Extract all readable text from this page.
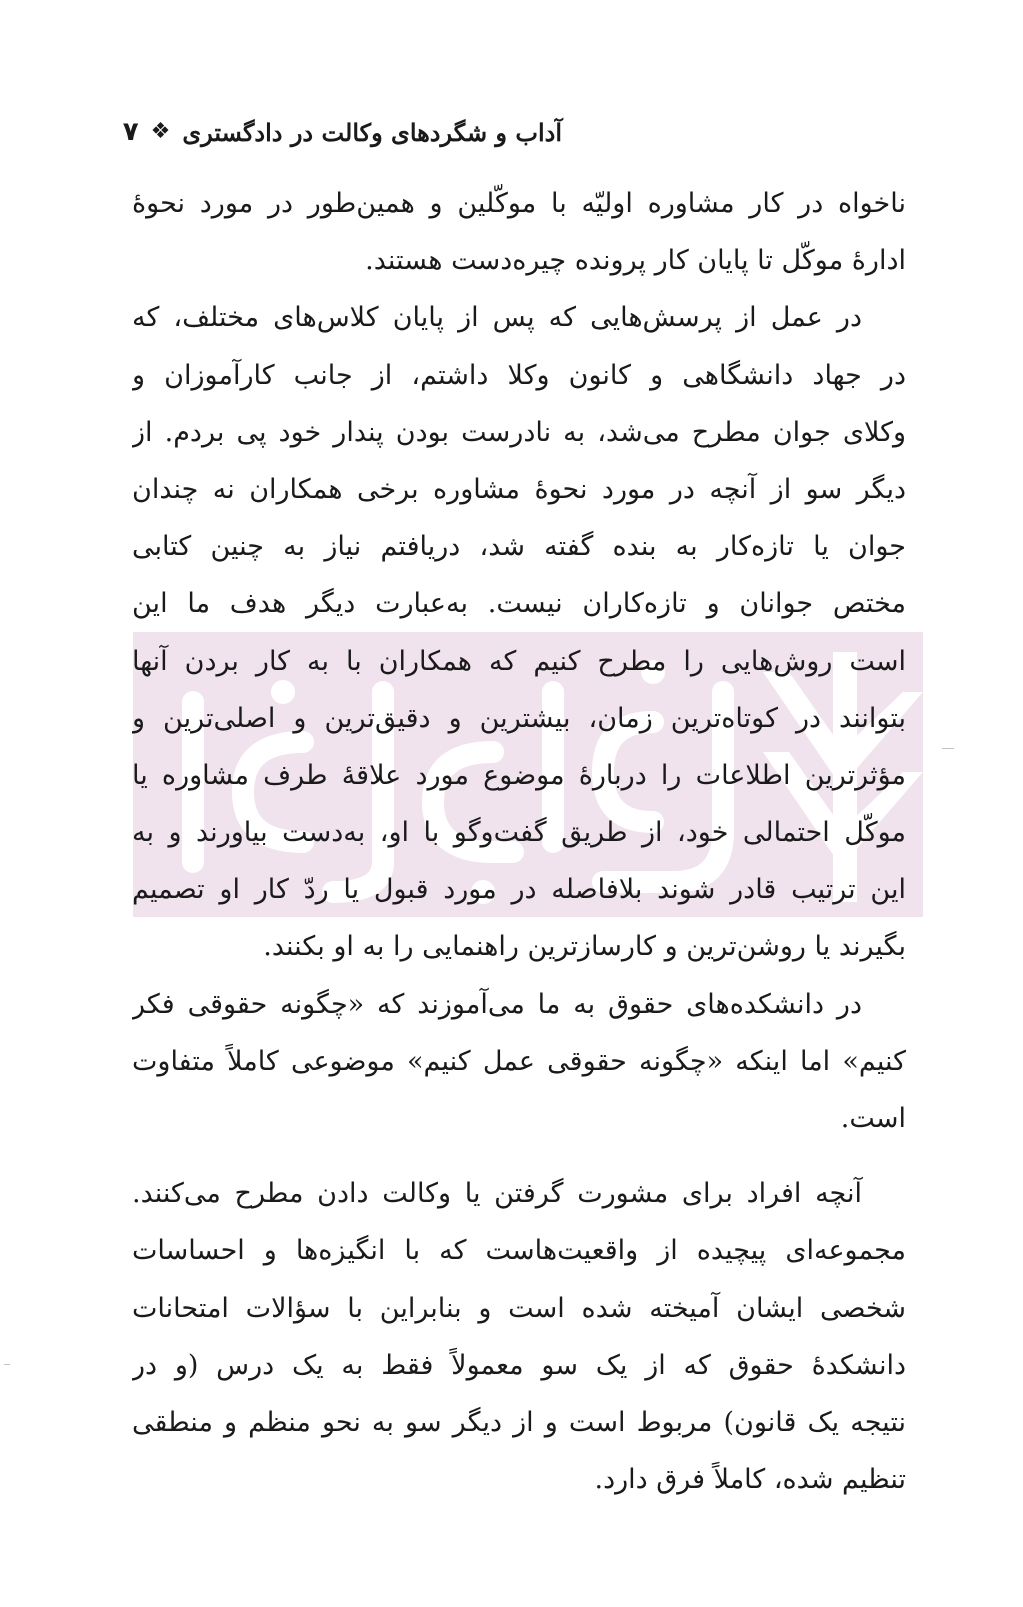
آداب و شگردهای وکالت در دادگستری
❖
۷
ناخواه در کار مشاوره اولیّه با موکّلین و همین‌طور در مورد نحوهٔ
ادارهٔ موکّل تا پایان کار پرونده چیره‌دست هستند.
در عمل از پرسش‌هایی که پس از پایان کلاس‌های مختلف، که
در جهاد دانشگاهی و کانون وکلا داشتم، از جانب کارآموزان و
وکلای جوان مطرح می‌شد، به نادرست بودن پندار خود پی بردم. از
دیگر سو از آنچه در مورد نحوهٔ مشاوره برخی همکاران نه چندان
جوان یا تازه‌کار به بنده گفته شد، دریافتم نیاز به چنین کتابی
مختص جوانان و تازه‌کاران نیست. به‌عبارت دیگر هدف ما این
است روش‌هایی را مطرح کنیم که همکاران با به کار بردن آنها
بتوانند در کوتاه‌ترین زمان، بیشترین و دقیق‌ترین و اصلی‌ترین و
مؤثرترین اطلاعات را دربارهٔ موضوع مورد علاقهٔ طرف مشاوره یا
موکّل احتمالی خود، از طریق گفت‌وگو با او، به‌دست بیاورند و به
این ترتیب قادر شوند بلافاصله در مورد قبول یا ردّ کار او تصمیم
بگیرند یا روشن‌ترین و کارسازترین راهنمایی را به او بکنند.
در دانشکده‌های حقوق به ما می‌آموزند که «چگونه حقوقی فکر
کنیم» اما اینکه «چگونه حقوقی عمل کنیم» موضوعی کاملاً متفاوت
است.
آنچه افراد برای مشورت گرفتن یا وکالت دادن مطرح می‌کنند.
مجموعه‌ای پیچیده از واقعیت‌هاست که با انگیزه‌ها و احساسات
شخصی ایشان آمیخته شده است و بنابراین با سؤالات امتحانات
دانشکدهٔ حقوق که از یک سو معمولاً فقط به یک درس (و در
نتیجه یک قانون) مربوط است و از دیگر سو به نحو منظم و منطقی
تنظیم شده، کاملاً فرق دارد.
